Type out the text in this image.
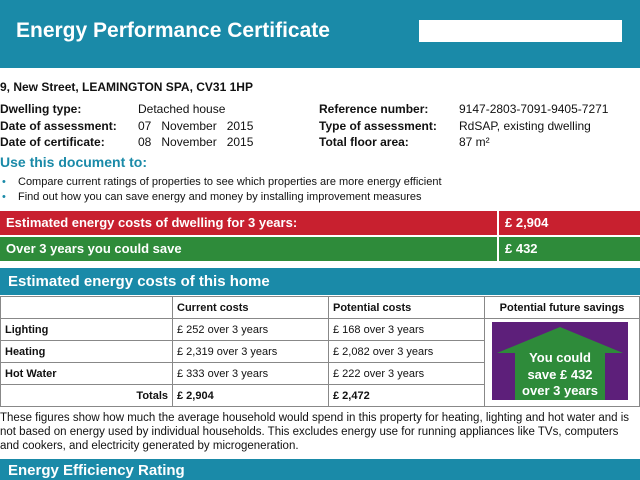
Energy Performance Certificate
9, New Street, LEAMINGTON SPA, CV31 1HP
Dwelling type:	Detached house
Date of assessment: 07   November   2015
Date of certificate:	08   November   2015
Reference number:	9147-2803-7091-9405-7271
Type of assessment: RdSAP, existing dwelling
Total floor area:	87 m²
Use this document to:
• Compare current ratings of properties to see which properties are more energy efficient
• Find out how you can save energy and money by installing improvement measures
Estimated energy costs of dwelling for 3 years:	£ 2,904
Over 3 years you could save	£ 432
Estimated energy costs of this home
	Current costs	Potential costs	Potential future savings
Lighting	£ 252 over 3 years	£ 168 over 3 years	
Heating	£ 2,319 over 3 years	£ 2,082 over 3 years	
Hot Water	£ 333 over 3 years	£ 222 over 3 years	
Totals	£ 2,904	£ 2,472	
You could
save £ 432
over 3 years
These figures show how much the average household would spend in this property for heating, lighting and hot water and is not based on energy used by individual households. This excludes energy use for running appliances like TVs, computers and cookers, and electricity generated by microgeneration.
Energy Efficiency Rating
